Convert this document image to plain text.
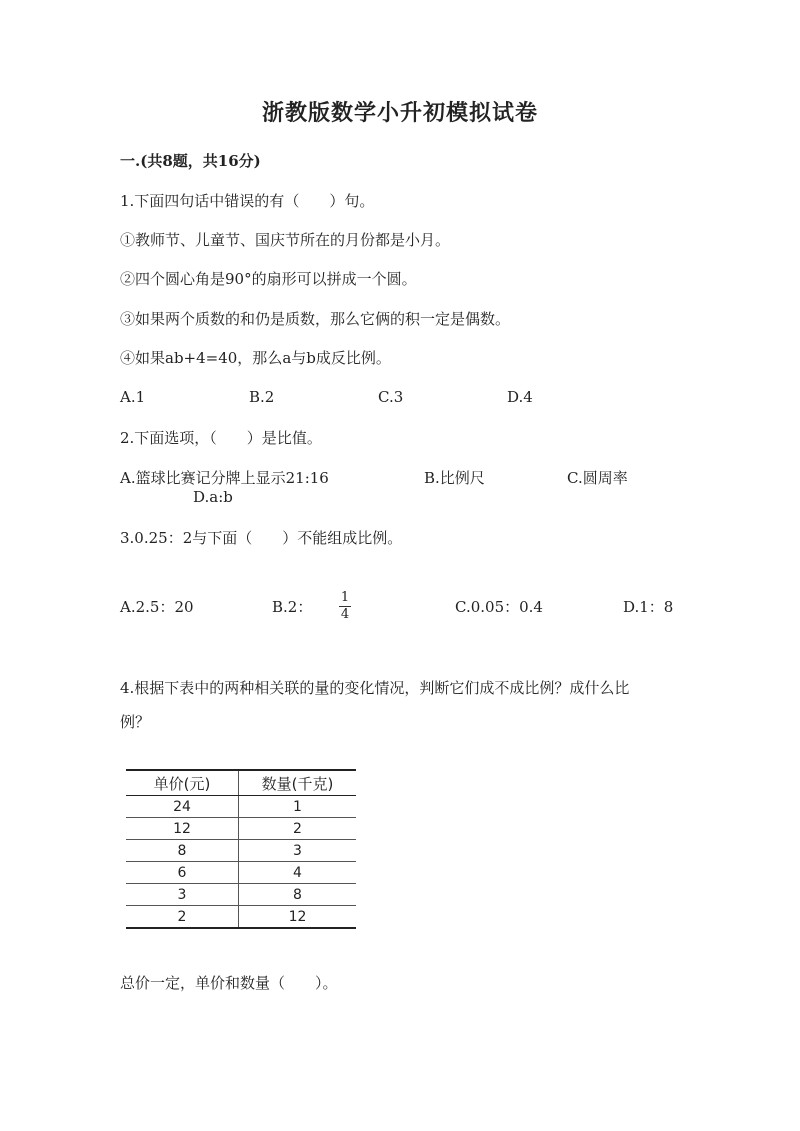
浙教版数学小升初模拟试卷
一.(共8题，共16分)
1.下面四句话中错误的有（　　）句。
①教师节、儿童节、国庆节所在的月份都是小月。
②四个圆心角是90°的扇形可以拼成一个圆。
③如果两个质数的和仍是质数，那么它俩的积一定是偶数。
④如果ab+4=40，那么a与b成反比例。
A.1	B.2	C.3	D.4
2.下面选项，（　　）是比值。
A.篮球比赛记分牌上显示21:16	B.比例尺	C.圆周率
D.a:b
3.0.25：2与下面（　　）不能组成比例。
A.2.5：20	B.2：
1
4	C.0.05：0.4	D.1：8
4.根据下表中的两种相关联的量的变化情况，判断它们成不成比例？成什么比
例？
单价(元)	数量(千克)
24	1
12	2
8	3
6	4
3	8
2	12
总价一定，单价和数量（　　）。
